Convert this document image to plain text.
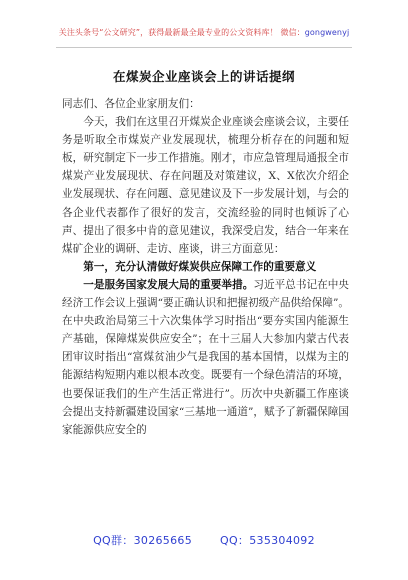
关注头条号“公文研究”，获得最新最全最专业的公文资料库！ 微信：gongwenyj
在煤炭企业座谈会上的讲话提纲

同志们、各位企业家朋友们：

今天，我们在这里召开煤炭企业座谈会座谈会议，主要任务是听取全市煤炭产业发展现状，梳理分析存在的问题和短板，研究制定下一步工作措施。刚才，市应急管理局通报全市煤炭产业发展现状、存在问题及对策建议，X、X依次介绍企业发展现状、存在问题、意见建议及下一步发展计划，与会的各企业代表都作了很好的发言，交流经验的同时也倾诉了心声、提出了很多中肯的意见建议，我深受启发，结合一年来在煤矿企业的调研、走访、座谈，讲三方面意见：

第一，充分认清做好煤炭供应保障工作的重要意义

一是服务国家发展大局的重要举措。习近平总书记在中央经济工作会议上强调“要正确认识和把握初级产品供给保障”。在中央政治局第三十六次集体学习时指出“要夯实国内能源生产基础，保障煤炭供应安全”；在十三届人大参加内蒙古代表团审议时指出“富煤贫油少气是我国的基本国情，以煤为主的能源结构短期内难以根本改变。既要有一个绿色清洁的环境，也要保证我们的生产生活正常进行”。历次中央新疆工作座谈会提出支持新疆建设国家“三基地一通道”，赋予了新疆保障国家能源供应安全的

QQ群：30265665	QQ：535304092
